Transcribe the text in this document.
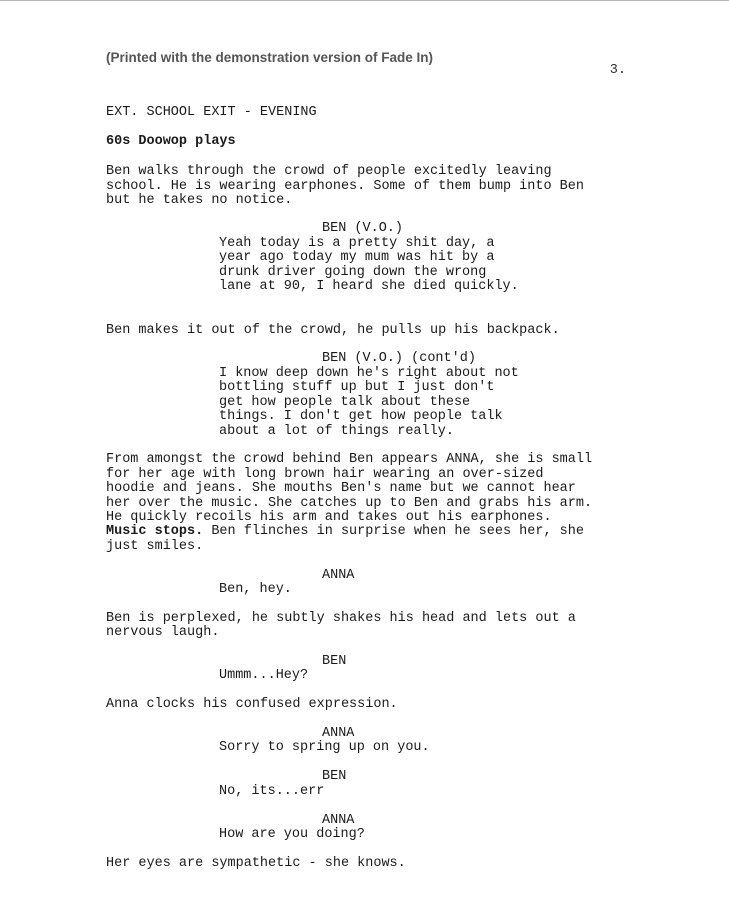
(Printed with the demonstration version of Fade In)
3.
EXT. SCHOOL EXIT - EVENING
60s Doowop plays
Ben walks through the crowd of people excitedly leaving
school. He is wearing earphones. Some of them bump into Ben
but he takes no notice.
BEN (V.O.)
Yeah today is a pretty shit day, a
year ago today my mum was hit by a
drunk driver going down the wrong
lane at 90, I heard she died quickly.
Ben makes it out of the crowd, he pulls up his backpack.
BEN (V.O.) (cont'd)
I know deep down he's right about not
bottling stuff up but I just don't
get how people talk about these
things. I don't get how people talk
about a lot of things really.
From amongst the crowd behind Ben appears ANNA, she is small
for her age with long brown hair wearing an over-sized
hoodie and jeans. She mouths Ben's name but we cannot hear
her over the music. She catches up to Ben and grabs his arm.
He quickly recoils his arm and takes out his earphones.
Music stops. Ben flinches in surprise when he sees her, she
just smiles.
ANNA
Ben, hey.
Ben is perplexed, he subtly shakes his head and lets out a
nervous laugh.
BEN
Ummm...Hey?
Anna clocks his confused expression.
ANNA
Sorry to spring up on you.
BEN
No, its...err
ANNA
How are you doing?
Her eyes are sympathetic - she knows.
